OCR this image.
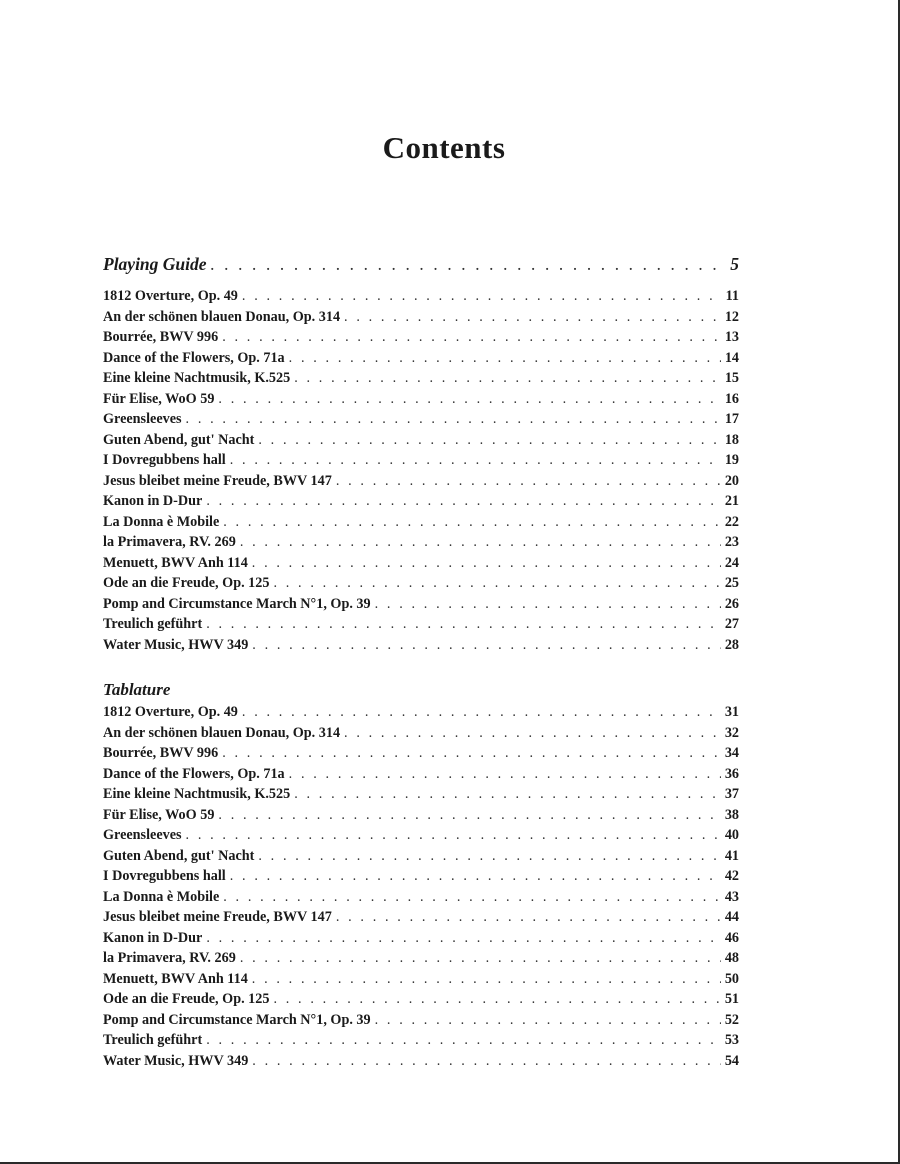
Contents
Playing Guide . . .	5
1812 Overture, Op. 49 . . .	11
An der schönen blauen Donau, Op. 314 . . .	12
Bourrée, BWV 996 . . .	13
Dance of the Flowers, Op. 71a . . .	14
Eine kleine Nachtmusik, K.525 . . .	15
Für Elise, WoO 59 . . .	16
Greensleeves . . .	17
Guten Abend, gut' Nacht . . .	18
I Dovregubbens hall . . .	19
Jesus bleibet meine Freude, BWV 147 . . .	20
Kanon in D-Dur . . .	21
La Donna è Mobile . . .	22
la Primavera, RV. 269 . . .	23
Menuett, BWV Anh 114 . . .	24
Ode an die Freude, Op. 125 . . .	25
Pomp and Circumstance March N°1, Op. 39 . . .	26
Treulich geführt . . .	27
Water Music, HWV 349 . . .	28
Tablature
1812 Overture, Op. 49 . . .	31
An der schönen blauen Donau, Op. 314 . . .	32
Bourrée, BWV 996 . . .	34
Dance of the Flowers, Op. 71a . . .	36
Eine kleine Nachtmusik, K.525 . . .	37
Für Elise, WoO 59 . . .	38
Greensleeves . . .	40
Guten Abend, gut' Nacht . . .	41
I Dovregubbens hall . . .	42
La Donna è Mobile . . .	43
Jesus bleibet meine Freude, BWV 147 . . .	44
Kanon in D-Dur . . .	46
la Primavera, RV. 269 . . .	48
Menuett, BWV Anh 114 . . .	50
Ode an die Freude, Op. 125 . . .	51
Pomp and Circumstance March N°1, Op. 39 . . .	52
Treulich geführt . . .	53
Water Music, HWV 349 . . .	54
